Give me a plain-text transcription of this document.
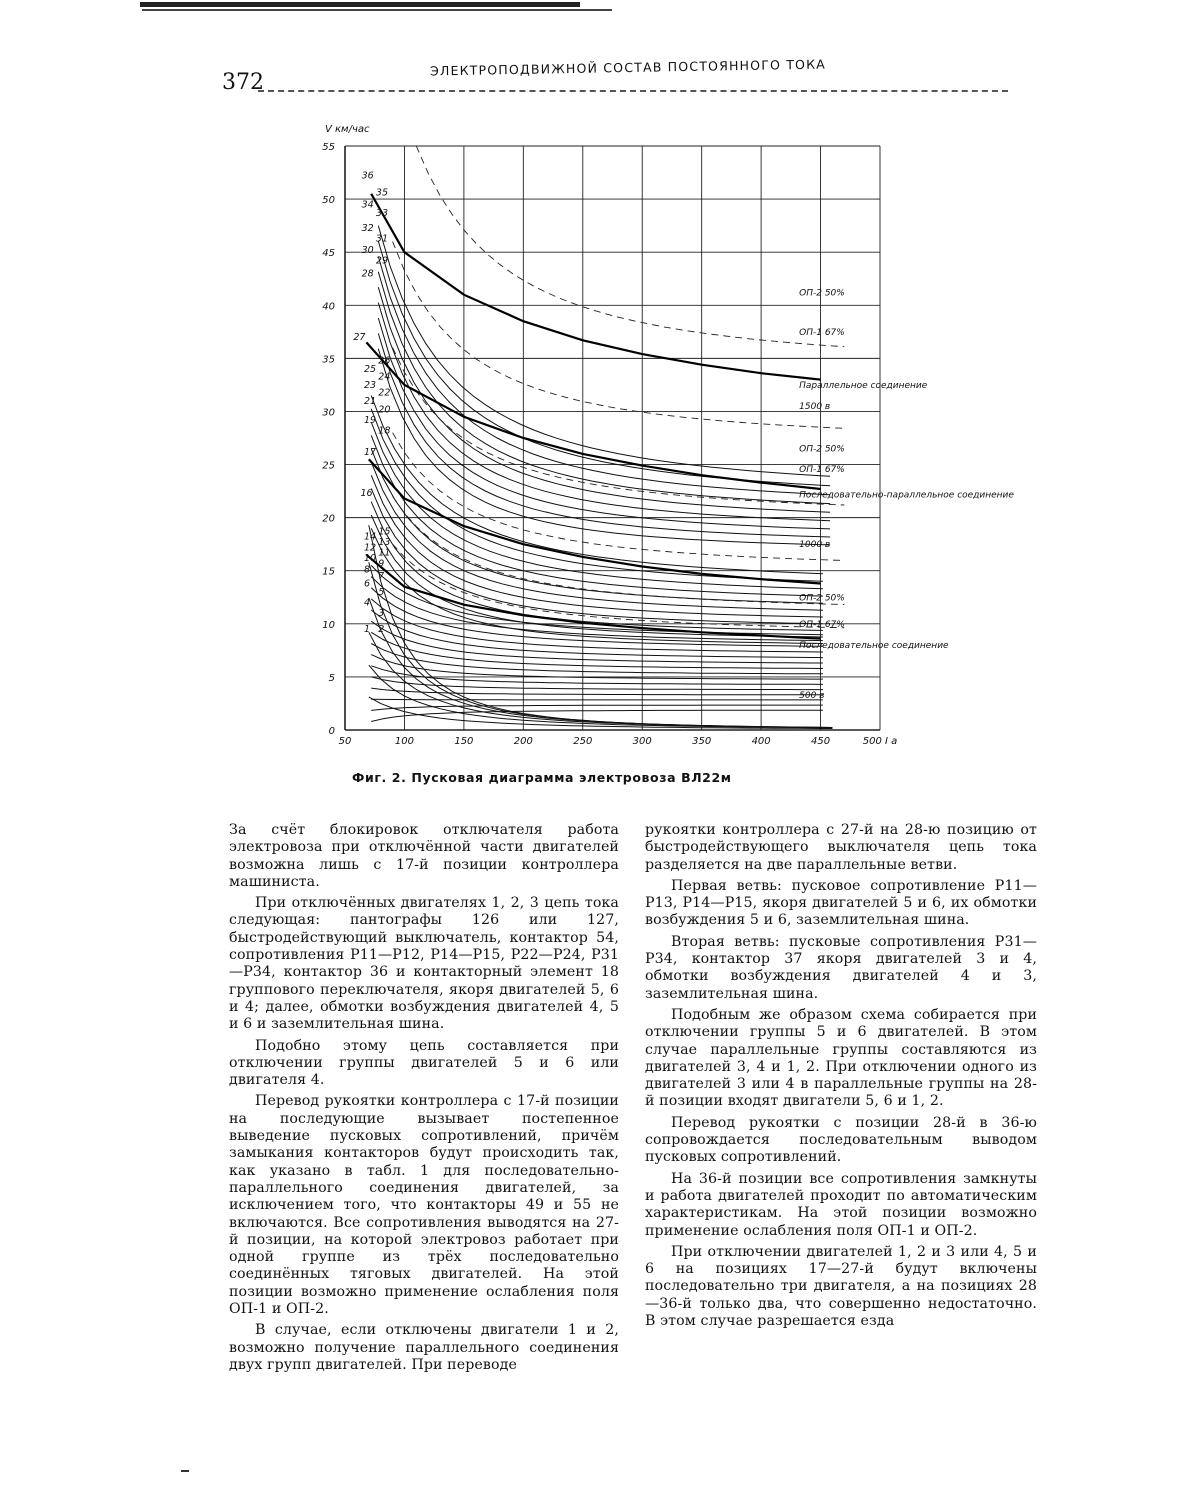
372
ЭЛЕКТРОПОДВИЖНОЙ СОСТАВ ПОСТОЯННОГО ТОКА
50	100	150	200	250	300	350	400	450	500 I а
0
5
10
15
20
25
30
35
40
45
50
55
V км/час
1 2
3
4
5
6
7
8
9
10 11
12 13
14 15
16
17
18
19
20
21
22
23
24
25
26
27
28
29
30
31
32
33
34
35
36
ОП-2 50%
ОП-1 67%
Параллельное соединение
1500 в
ОП-2 50%
ОП-1 67%
Последовательно-параллельное соединение
1000 в
ОП-2 50%
ОП-1 67%
Последовательное соединение
500 в
Фиг. 2. Пусковая диаграмма электровоза ВЛ22м

За счёт блокировок отключателя работа электровоза при отключённой части двигателей возможна лишь с 17-й позиции контроллера машиниста.

При отключённых двигателях 1, 2, 3 цепь тока следующая: пантографы 126 или 127, быстродействующий выключатель, контактор 54, сопротивления P11—P12, P14—P15, P22—P24, P31—P34, контактор 36 и контакторный элемент 18 группового переключателя, якоря двигателей 5, 6 и 4; далее, обмотки возбуждения двигателей 4, 5 и 6 и заземлительная шина.

Подобно этому цепь составляется при отключении группы двигателей 5 и 6 или двигателя 4.

Перевод рукоятки контроллера с 17-й позиции на последующие вызывает постепенное выведение пусковых сопротивлений, причём замыкания контакторов будут происходить так, как указано в табл. 1 для последовательно-параллельного соединения двигателей, за исключением того, что контакторы 49 и 55 не включаются. Все сопротивления выводятся на 27-й позиции, на которой электровоз работает при одной группе из трёх последовательно соединённых тяговых двигателей. На этой позиции возможно применение ослабления поля ОП-1 и ОП-2.

В случае, если отключены двигатели 1 и 2, возможно получение параллельного соединения двух групп двигателей. При переводе

рукоятки контроллера с 27-й на 28-ю позицию от быстродействующего выключателя цепь тока разделяется на две параллельные ветви.

Первая ветвь: пусковое сопротивление P11—P13, P14—P15, якоря двигателей 5 и 6, их обмотки возбуждения 5 и 6, заземлительная шина.

Вторая ветвь: пусковые сопротивления P31—P34, контактор 37 якоря двигателей 3 и 4, обмотки возбуждения двигателей 4 и 3, заземлительная шина.

Подобным же образом схема собирается при отключении группы 5 и 6 двигателей. В этом случае параллельные группы составляются из двигателей 3, 4 и 1, 2. При отключении одного из двигателей 3 или 4 в параллельные группы на 28-й позиции входят двигатели 5, 6 и 1, 2.

Перевод рукоятки с позиции 28-й в 36-ю сопровождается последовательным выводом пусковых сопротивлений.

На 36-й позиции все сопротивления замкнуты и работа двигателей проходит по автоматическим характеристикам. На этой позиции возможно применение ослабления поля ОП-1 и ОП-2.

При отключении двигателей 1, 2 и 3 или 4, 5 и 6 на позициях 17—27-й будут включены последовательно три двигателя, а на позициях 28—36-й только два, что совершенно недостаточно. В этом случае разрешается езда
